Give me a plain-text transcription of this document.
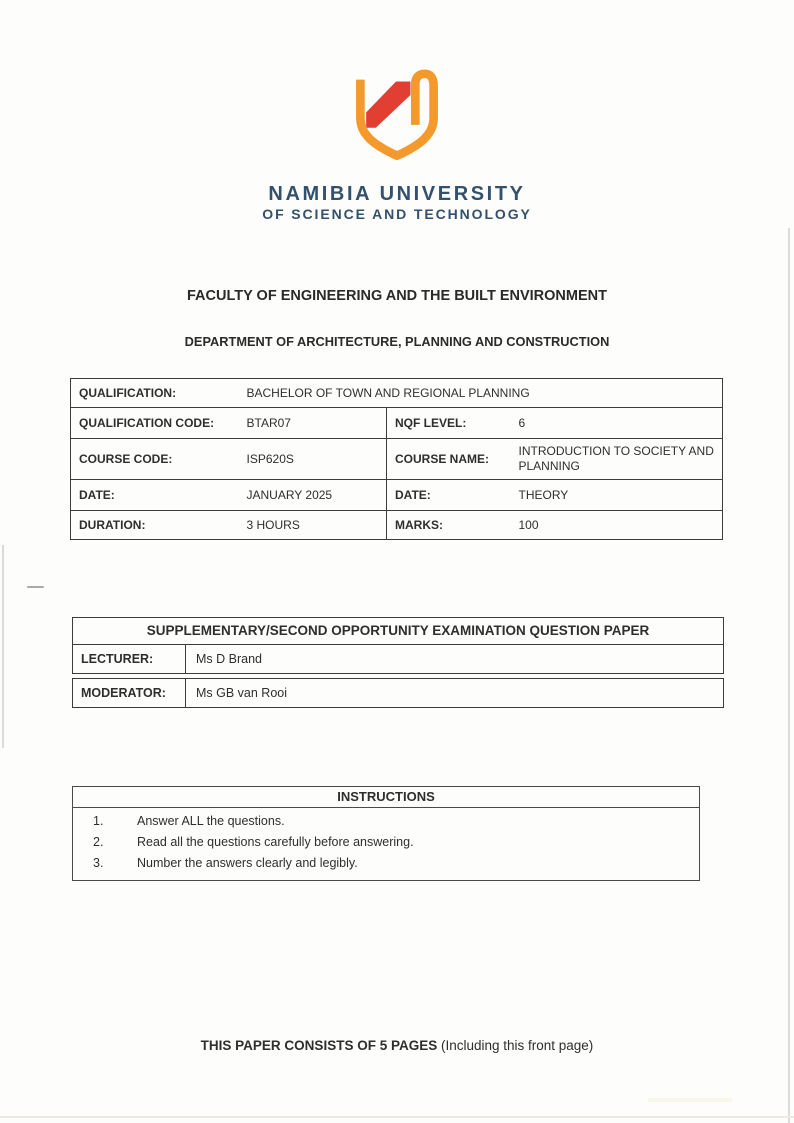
NAMIBIA UNIVERSITY
OF SCIENCE AND TECHNOLOGY
FACULTY OF ENGINEERING AND THE BUILT ENVIRONMENT
DEPARTMENT OF ARCHITECTURE, PLANNING AND CONSTRUCTION
QUALIFICATION:	BACHELOR OF TOWN AND REGIONAL PLANNING		
QUALIFICATION CODE:	BTAR07	NQF LEVEL:	6
COURSE CODE:	ISP620S	COURSE NAME:	INTRODUCTION TO SOCIETY AND PLANNING
DATE:	JANUARY 2025	DATE:	THEORY
DURATION:	3 HOURS	MARKS:	100
SUPPLEMENTARY/SECOND OPPORTUNITY EXAMINATION QUESTION PAPER
LECTURER:	Ms D Brand
MODERATOR:	Ms GB van Rooi
INSTRUCTIONS
1.	Answer ALL the questions.
2.	Read all the questions carefully before answering.
3.	Number the answers clearly and legibly.
THIS PAPER CONSISTS OF 5 PAGES (Including this front page)
